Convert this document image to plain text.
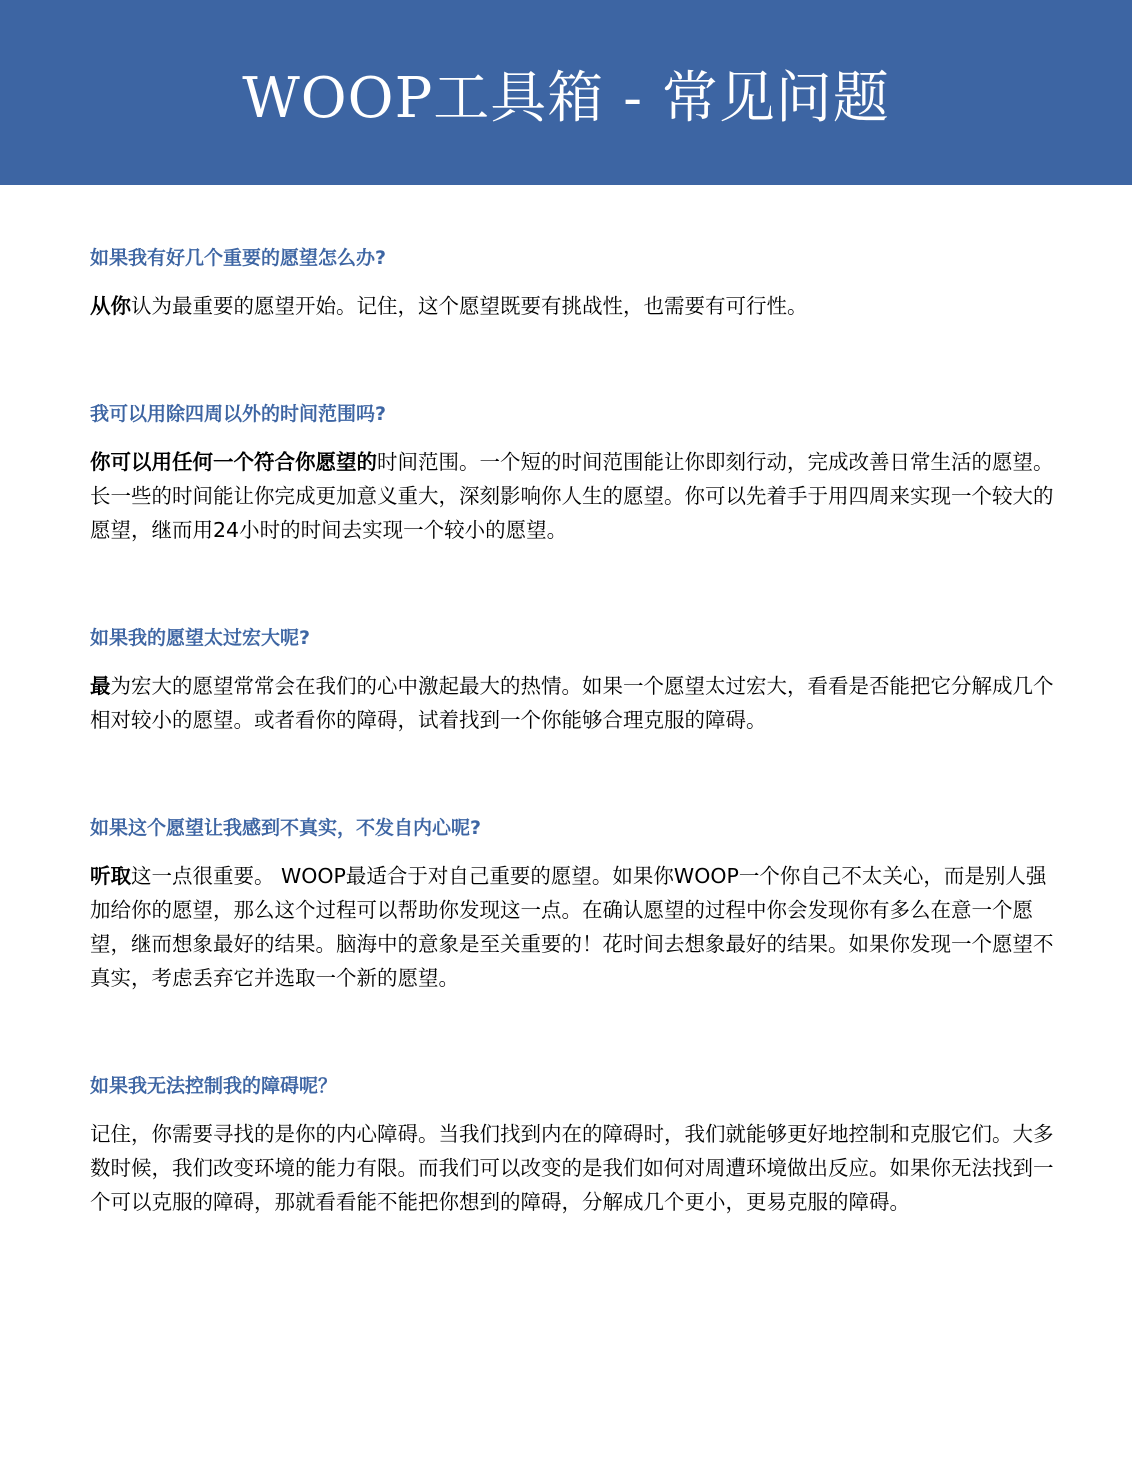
WOOP工具箱 - 常见问题
如果我有好几个重要的愿望怎么办?

从你认为最重要的愿望开始。记住，这个愿望既要有挑战性，也需要有可行性。

我可以用除四周以外的时间范围吗?

你可以用任何一个符合你愿望的时间范围。一个短的时间范围能让你即刻行动，完成改善日常生活的愿望。长一些的时间能让你完成更加意义重大，深刻影响你人生的愿望。你可以先着手于用四周来实现一个较大的愿望，继而用24小时的时间去实现一个较小的愿望。

如果我的愿望太过宏大呢?

最为宏大的愿望常常会在我们的心中激起最大的热情。如果一个愿望太过宏大，看看是否能把它分解成几个相对较小的愿望。或者看你的障碍，试着找到一个你能够合理克服的障碍。

如果这个愿望让我感到不真实，不发自内心呢?

听取这一点很重要。 WOOP最适合于对自己重要的愿望。如果你WOOP一个你自己不太关心，而是别人强加给你的愿望，那么这个过程可以帮助你发现这一点。在确认愿望的过程中你会发现你有多么在意一个愿望，继而想象最好的结果。脑海中的意象是至关重要的！花时间去想象最好的结果。如果你发现一个愿望不真实，考虑丢弃它并选取一个新的愿望。

如果我无法控制我的障碍呢？

记住，你需要寻找的是你的内心障碍。当我们找到内在的障碍时，我们就能够更好地控制和克服它们。大多数时候，我们改变环境的能力有限。而我们可以改变的是我们如何对周遭环境做出反应。如果你无法找到一个可以克服的障碍，那就看看能不能把你想到的障碍，分解成几个更小，更易克服的障碍。
